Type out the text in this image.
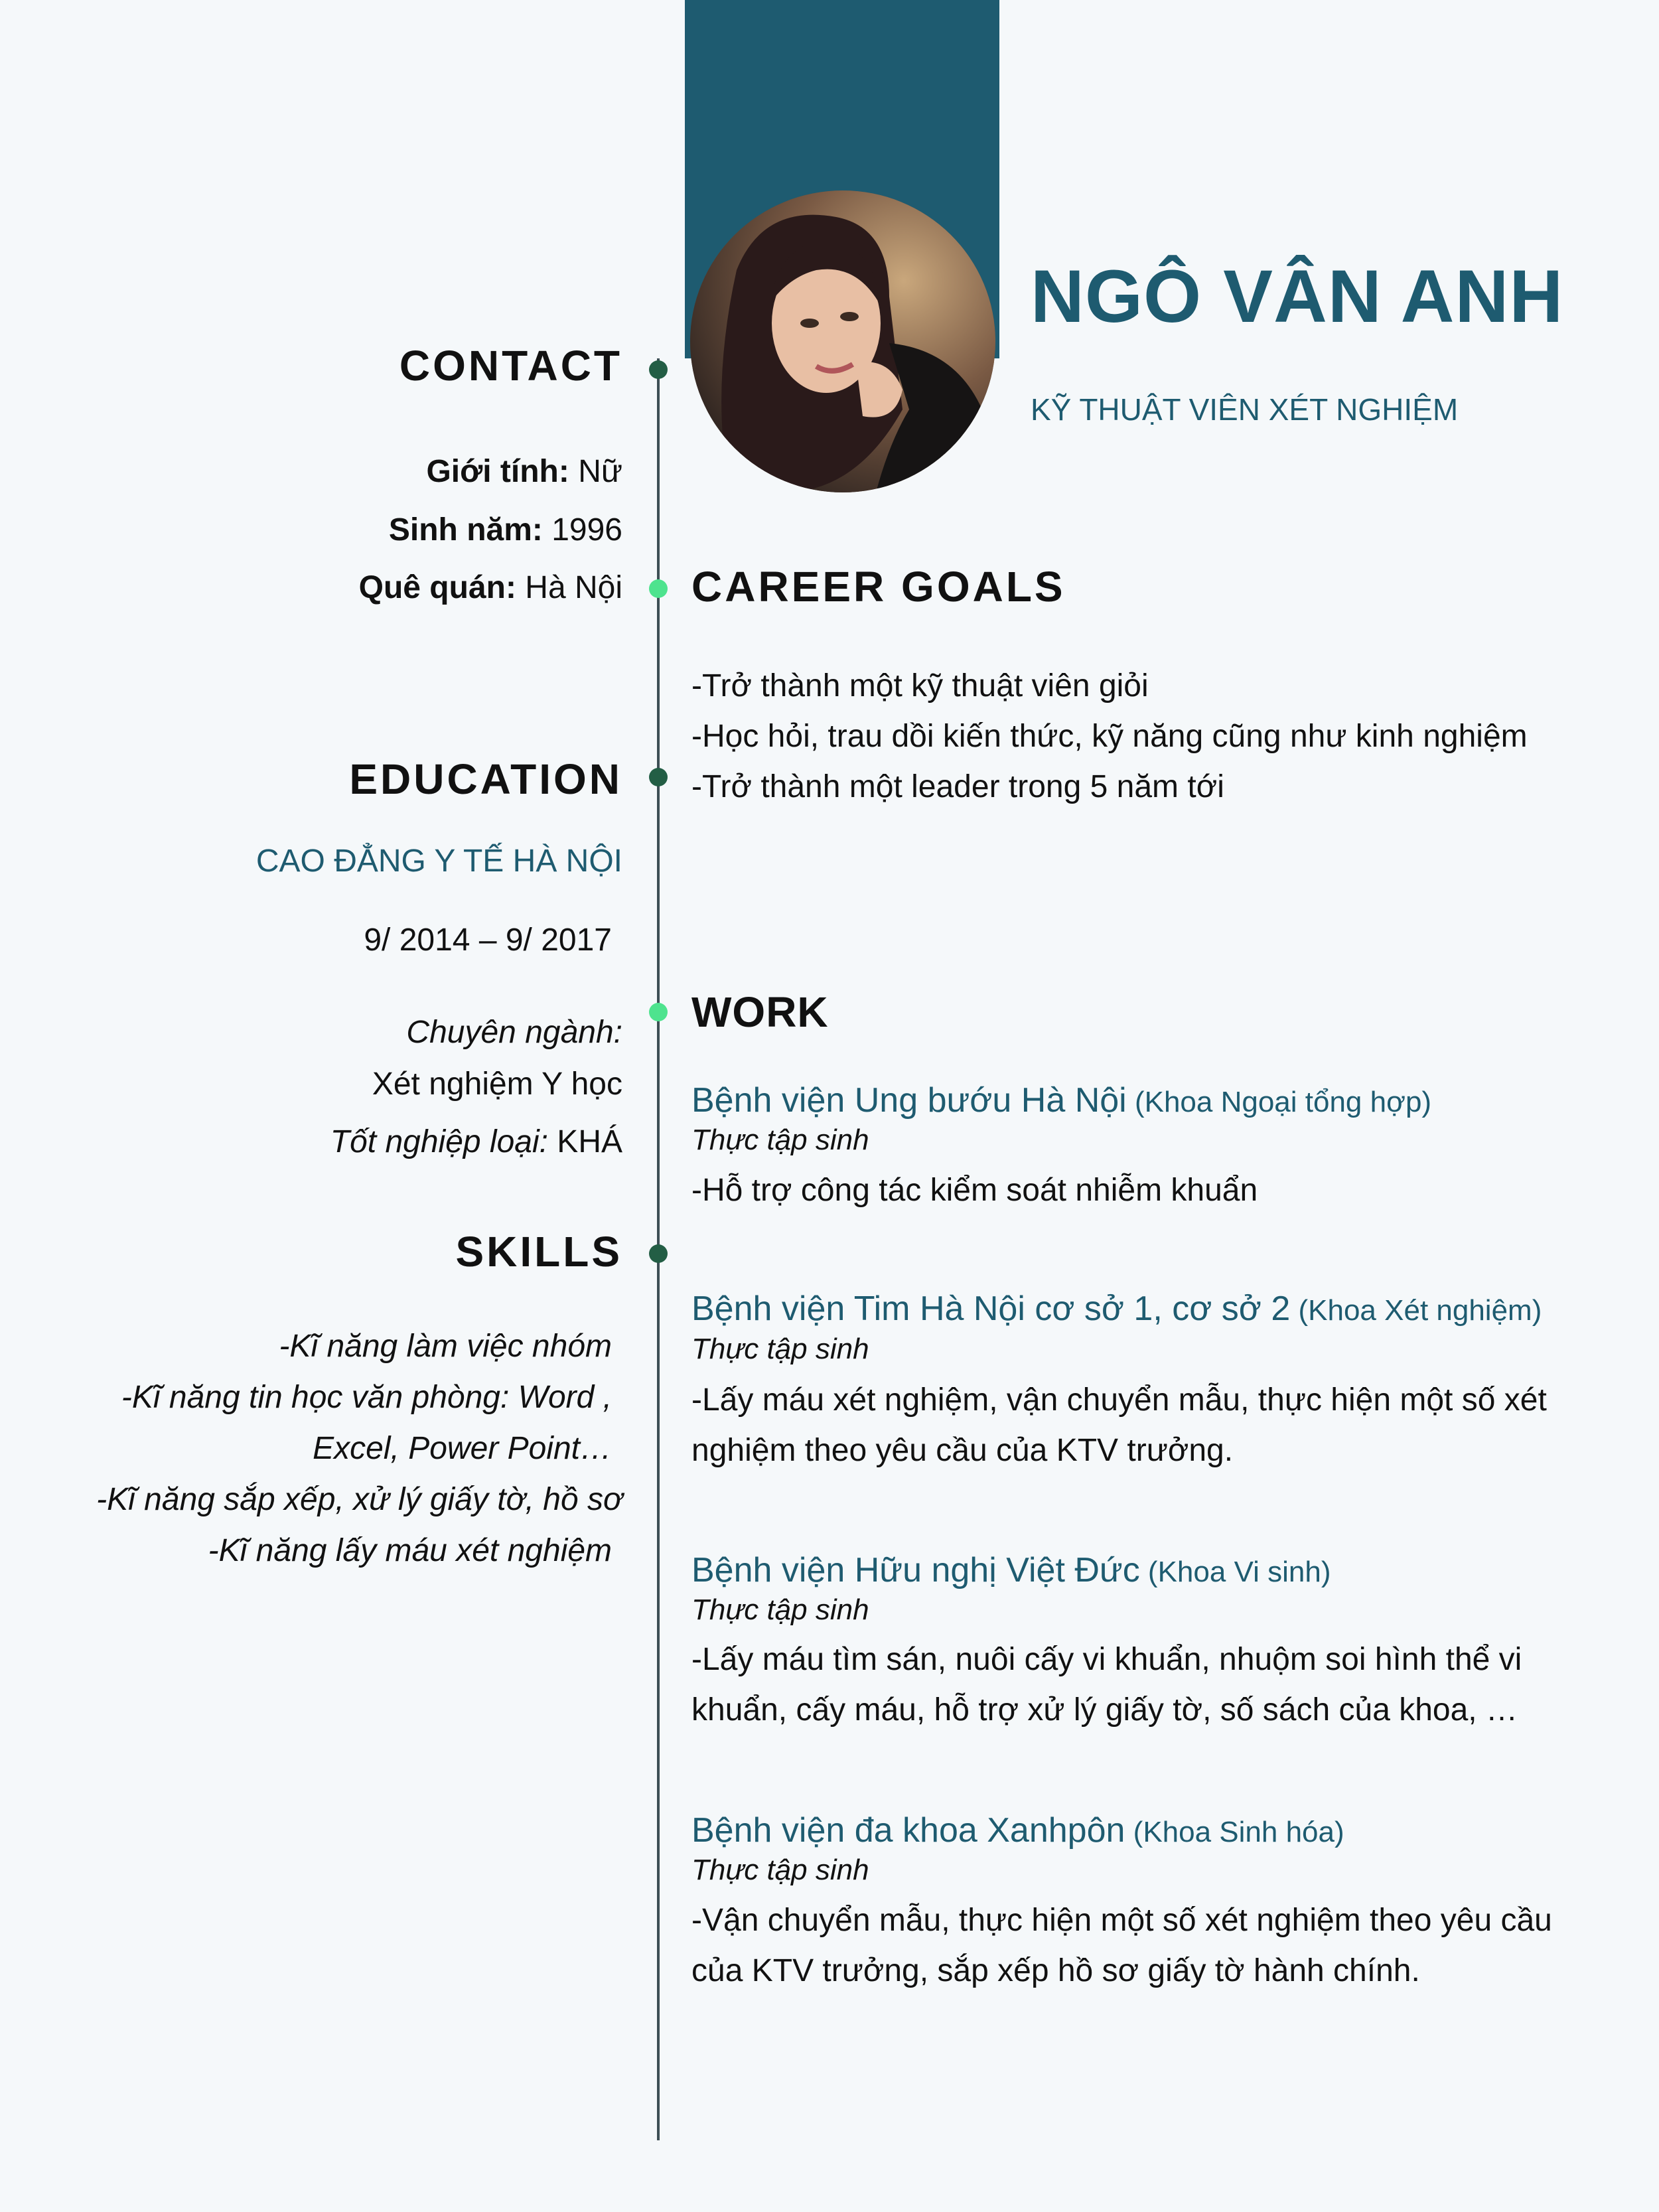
NGÔ VÂN ANH
KỸ THUẬT VIÊN XÉT NGHIỆM
CONTACT
Giới tính: Nữ
Sinh năm: 1996
Quê quán: Hà Nội
EDUCATION
CAO ĐẲNG Y TẾ HÀ NỘI
9/ 2014 – 9/ 2017
Chuyên ngành:
Xét nghiệm Y học
Tốt nghiệp loại: KHÁ
SKILLS
-Kĩ năng làm việc nhóm
-Kĩ năng tin học văn phòng: Word ,
Excel, Power Point…
-Kĩ năng sắp xếp, xử lý giấy tờ, hồ sơ
-Kĩ năng lấy máu xét nghiệm
CAREER GOALS

-Trở thành một kỹ thuật viên giỏi

-Học hỏi, trau dồi kiến thức, kỹ năng cũng như kinh nghiệm

-Trở thành một leader trong 5 năm tới

WORK
Bệnh viện Ung bướu Hà Nội (Khoa Ngoại tổng hợp)
Thực tập sinh

-Hỗ trợ công tác kiểm soát nhiễm khuẩn

Bệnh viện Tim Hà Nội cơ sở 1, cơ sở 2 (Khoa Xét nghiệm)
Thực tập sinh

-Lấy máu xét nghiệm, vận chuyển mẫu, thực hiện một số xét

nghiệm theo yêu cầu của KTV trưởng.

Bệnh viện Hữu nghị Việt Đức (Khoa Vi sinh)
Thực tập sinh

-Lấy máu tìm sán, nuôi cấy vi khuẩn, nhuộm soi hình thể vi

khuẩn, cấy máu, hỗ trợ xử lý giấy tờ, số sách của khoa, …

Bệnh viện đa khoa Xanhpôn (Khoa Sinh hóa)
Thực tập sinh

-Vận chuyển mẫu, thực hiện một số xét nghiệm theo yêu cầu

của KTV trưởng, sắp xếp hồ sơ giấy tờ hành chính.
